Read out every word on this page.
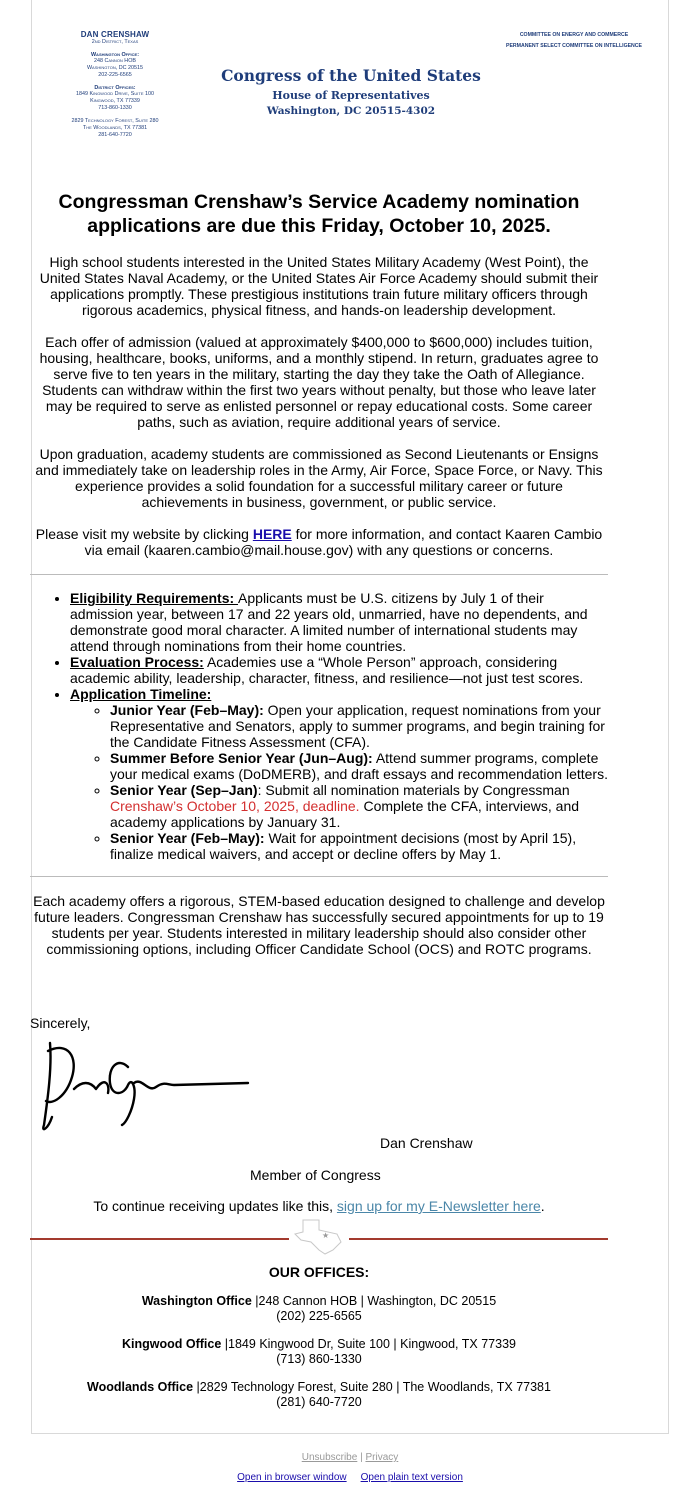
DAN CRENSHAW
2nd District, Texas
Washington Office:
248 Cannon HOB
Washington, DC 20515
202-225-6565
District Offices:
1849 Kingwood Drive, Suite 100
Kingwood, TX 77339
713-860-1330
2829 Technology Forest, Suite 280
The Woodlands, TX 77381
281-640-7720
Congress of the United States
House of Representatives
Washington, DC 20515-4302
COMMITTEE ON ENERGY AND COMMERCE
PERMANENT SELECT COMMITTEE ON INTELLIGENCE
Congressman Crenshaw’s Service Academy nomination applications are due this Friday, October 10, 2025.

High school students interested in the United States Military Academy (West Point), the United States Naval Academy, or the United States Air Force Academy should submit their applications promptly. These prestigious institutions train future military officers through rigorous academics, physical fitness, and hands-on leadership development.

Each offer of admission (valued at approximately $400,000 to $600,000) includes tuition, housing, healthcare, books, uniforms, and a monthly stipend. In return, graduates agree to serve five to ten years in the military, starting the day they take the Oath of Allegiance. Students can withdraw within the first two years without penalty, but those who leave later may be required to serve as enlisted personnel or repay educational costs. Some career paths, such as aviation, require additional years of service.

Upon graduation, academy students are commissioned as Second Lieutenants or Ensigns and immediately take on leadership roles in the Army, Air Force, Space Force, or Navy. This experience provides a solid foundation for a successful military career or future achievements in business, government, or public service.

Please visit my website by clicking HERE for more information, and contact Kaaren Cambio via email (kaaren.cambio@mail.house.gov) with any questions or concerns.

• Eligibility Requirements: Applicants must be U.S. citizens by July 1 of their admission year, between 17 and 22 years old, unmarried, have no dependents, and demonstrate good moral character. A limited number of international students may attend through nominations from their home countries.
• Evaluation Process: Academies use a “Whole Person” approach, considering academic ability, leadership, character, fitness, and resilience—not just test scores.
• Application Timeline:
◦ Junior Year (Feb–May): Open your application, request nominations from your Representative and Senators, apply to summer programs, and begin training for the Candidate Fitness Assessment (CFA).
◦ Summer Before Senior Year (Jun–Aug): Attend summer programs, complete your medical exams (DoDMERB), and draft essays and recommendation letters.
◦ Senior Year (Sep–Jan): Submit all nomination materials by Congressman Crenshaw’s October 10, 2025, deadline. Complete the CFA, interviews, and academy applications by January 31.
◦ Senior Year (Feb–May): Wait for appointment decisions (most by April 15), finalize medical waivers, and accept or decline offers by May 1.

Each academy offers a rigorous, STEM-based education designed to challenge and develop future leaders. Congressman Crenshaw has successfully secured appointments for up to 19 students per year. Students interested in military leadership should also consider other commissioning options, including Officer Candidate School (OCS) and ROTC programs.

Sincerely,
Dan Crenshaw
Member of Congress
To continue receiving updates like this, sign up for my E-Newsletter here.
★
OUR OFFICES:
Washington Office |248 Cannon HOB | Washington, DC 20515
(202) 225-6565
Kingwood Office |1849 Kingwood Dr, Suite 100 | Kingwood, TX 77339
(713) 860-1330
Woodlands Office |2829 Technology Forest, Suite 280 | The Woodlands, TX 77381
(281) 640-7720
Unsubscribe | Privacy
Open in browser window Open plain text version
